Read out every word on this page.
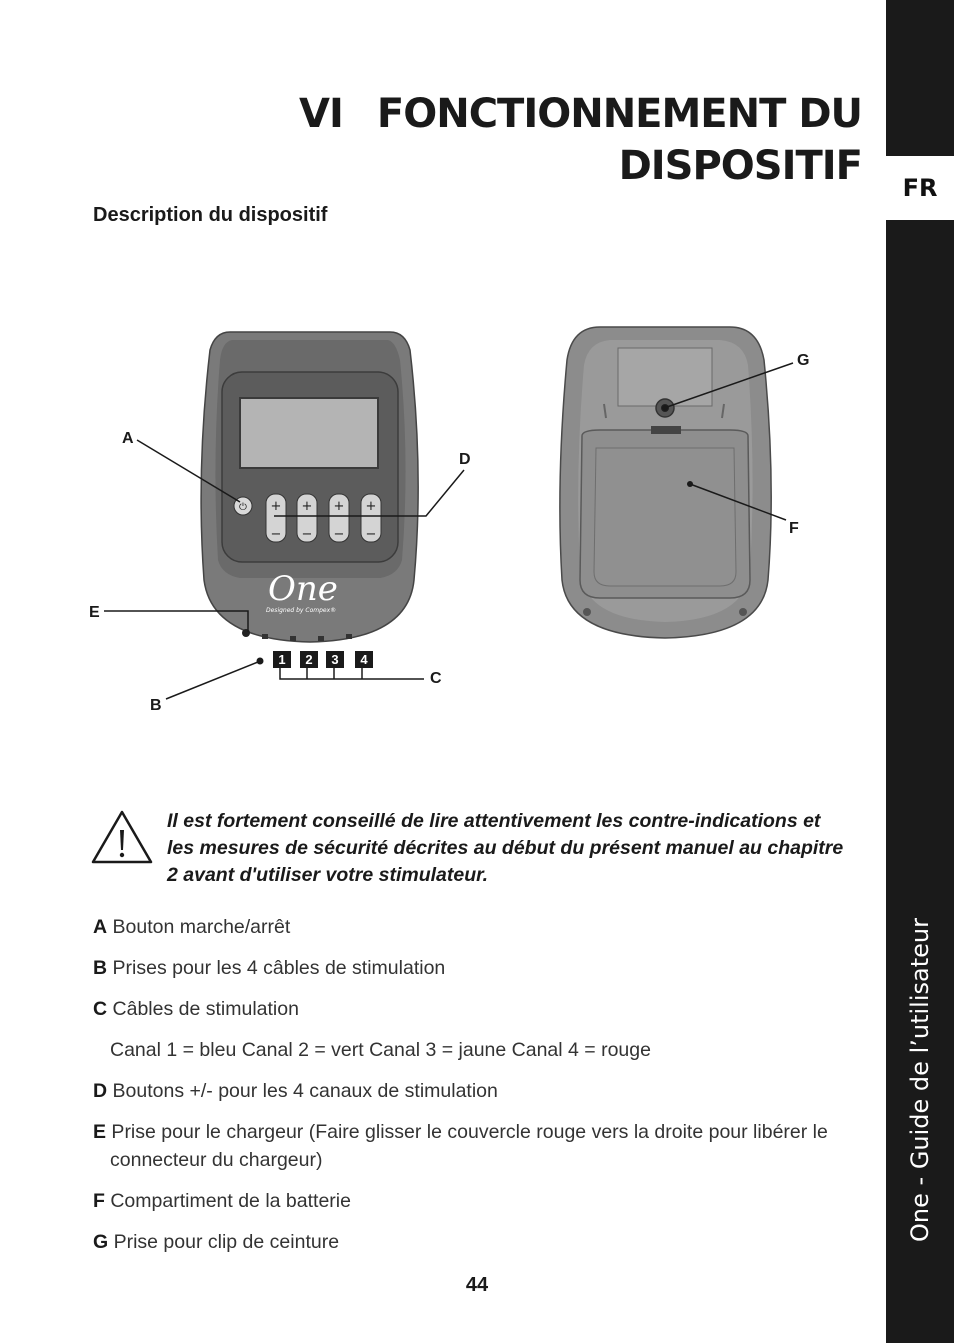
FR
One - Guide de l’utilisateur
VI FONCTIONNEMENT DU
DISPOSITIF
Description du dispositif
⏻ +
−
+
−
+
−
+
−
One
Designed by Compex®
1 2 3 4
A
B
C
D
E
F
G
Il est fortement conseillé de lire attentivement les contre-indications et les mesures de sécurité décrites au début du présent manuel au chapitre 2 avant d'utiliser votre stimulateur.
A Bouton marche/arrêt
B Prises pour les 4 câbles de stimulation
C Câbles de stimulation
Canal 1 = bleu Canal 2 = vert Canal 3 = jaune Canal 4 = rouge
D Boutons +/- pour les 4 canaux de stimulation
E Prise pour le chargeur (Faire glisser le couvercle rouge vers la droite pour libérer le connecteur du chargeur)
F Compartiment de la batterie
G Prise pour clip de ceinture
44
